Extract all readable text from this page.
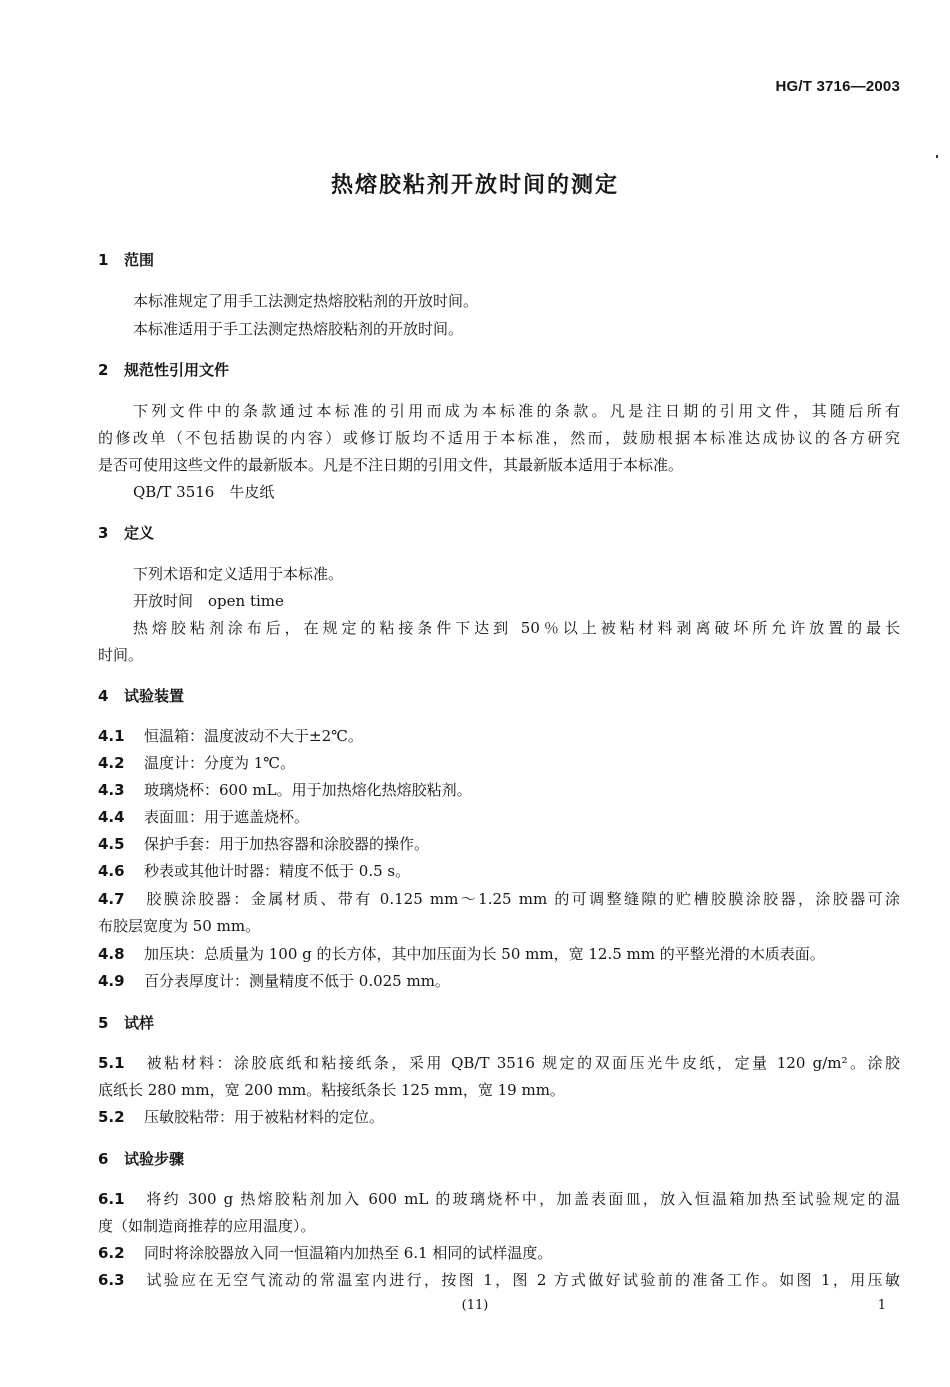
HG/T 3716—2003
热熔胶粘剂开放时间的测定
1 范围
本标准规定了用手工法测定热熔胶粘剂的开放时间。
本标准适用于手工法测定热熔胶粘剂的开放时间。
2 规范性引用文件
下列文件中的条款通过本标准的引用而成为本标准的条款。凡是注日期的引用文件，其随后所有
的修改单（不包括勘误的内容）或修订版均不适用于本标准，然而，鼓励根据本标准达成协议的各方研究
是否可使用这些文件的最新版本。凡是不注日期的引用文件，其最新版本适用于本标准。
QB/T 3516　牛皮纸
3 定义
下列术语和定义适用于本标准。
开放时间　open time
热熔胶粘剂涂布后，在规定的粘接条件下达到 50％以上被粘材料剥离破坏所允许放置的最长
时间。
4 试验装置
4.1 恒温箱：温度波动不大于±2℃。
4.2 温度计：分度为 1℃。
4.3 玻璃烧杯：600 mL。用于加热熔化热熔胶粘剂。
4.4 表面皿：用于遮盖烧杯。
4.5 保护手套：用于加热容器和涂胶器的操作。
4.6 秒表或其他计时器：精度不低于 0.5 s。
4.7 胶膜涂胶器：金属材质、带有 0.125 mm～1.25 mm 的可调整缝隙的贮槽胶膜涂胶器，涂胶器可涂
布胶层宽度为 50 mm。
4.8 加压块：总质量为 100 g 的长方体，其中加压面为长 50 mm，宽 12.5 mm 的平整光滑的木质表面。
4.9 百分表厚度计：测量精度不低于 0.025 mm。
5 试样
5.1 被粘材料：涂胶底纸和粘接纸条，采用 QB/T 3516 规定的双面压光牛皮纸，定量 120 g/m²。涂胶
底纸长 280 mm，宽 200 mm。粘接纸条长 125 mm，宽 19 mm。
5.2 压敏胶粘带：用于被粘材料的定位。
6 试验步骤
6.1 将约 300 g 热熔胶粘剂加入 600 mL 的玻璃烧杯中，加盖表面皿，放入恒温箱加热至试验规定的温
度（如制造商推荐的应用温度）。
6.2 同时将涂胶器放入同一恒温箱内加热至 6.1 相同的试样温度。
6.3 试验应在无空气流动的常温室内进行，按图 1，图 2 方式做好试验前的准备工作。如图 1，用压敏
(11)	1
